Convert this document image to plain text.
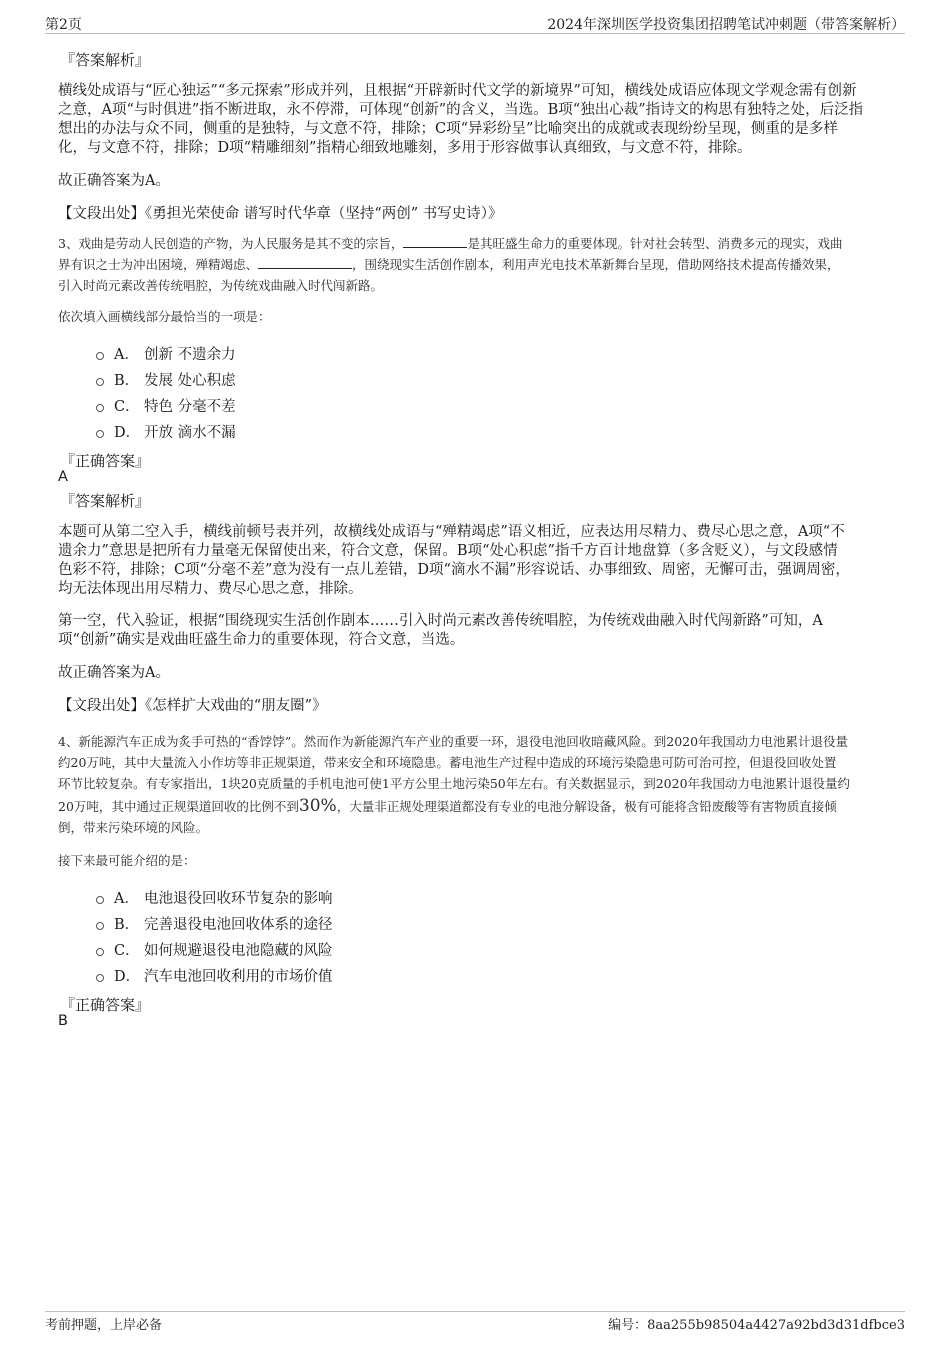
第2页	2024年深圳医学投资集团招聘笔试冲刺题（带答案解析）
『答案解析』
横线处成语与“匠心独运”“多元探索”形成并列，且根据“开辟新时代文学的新境界”可知，横线处成语应体现文学观念需有创新
之意，A项“与时俱进”指不断进取，永不停滞，可体现“创新”的含义，当选。B项“独出心裁”指诗文的构思有独特之处，后泛指
想出的办法与众不同，侧重的是独特，与文意不符，排除；C项“异彩纷呈”比喻突出的成就或表现纷纷呈现，侧重的是多样
化，与文意不符，排除；D项“精雕细刻”指精心细致地雕刻，多用于形容做事认真细致，与文意不符，排除。
故正确答案为A。
【文段出处】《勇担光荣使命 谱写时代华章（坚持“两创” 书写史诗）》
3、戏曲是劳动人民创造的产物，为人民服务是其不变的宗旨，	是其旺盛生命力的重要体现。针对社会转型、消费多元的现实，戏曲
界有识之士为冲出困境，殚精竭虑、	，围绕现实生活创作剧本，利用声光电技术革新舞台呈现，借助网络技术提高传播效果，
引入时尚元素改善传统唱腔，为传统戏曲融入时代闯新路。
依次填入画横线部分最恰当的一项是：
A． 创新 不遗余力
B． 发展 处心积虑
C． 特色 分毫不差
D． 开放 滴水不漏
『正确答案』
A
『答案解析』
本题可从第二空入手，横线前顿号表并列，故横线处成语与“殚精竭虑”语义相近，应表达用尽精力、费尽心思之意，A项“不
遗余力”意思是把所有力量毫无保留使出来，符合文意，保留。B项“处心积虑”指千方百计地盘算（多含贬义），与文段感情
色彩不符，排除；C项“分毫不差”意为没有一点儿差错，D项“滴水不漏”形容说话、办事细致、周密，无懈可击，强调周密，
均无法体现出用尽精力、费尽心思之意，排除。
第一空，代入验证，根据“围绕现实生活创作剧本……引入时尚元素改善传统唱腔，为传统戏曲融入时代闯新路”可知，A
项“创新”确实是戏曲旺盛生命力的重要体现，符合文意，当选。
故正确答案为A。
【文段出处】《怎样扩大戏曲的“朋友圈”》
4、新能源汽车正成为炙手可热的“香饽饽”。然而作为新能源汽车产业的重要一环，退役电池回收暗藏风险。到2020年我国动力电池累计退役量
约20万吨，其中大量流入小作坊等非正规渠道，带来安全和环境隐患。蓄电池生产过程中造成的环境污染隐患可防可治可控，但退役回收处置
环节比较复杂。有专家指出，1块20克质量的手机电池可使1平方公里土地污染50年左右。有关数据显示，到2020年我国动力电池累计退役量约
20万吨，其中通过正规渠道回收的比例不到30%，大量非正规处理渠道都没有专业的电池分解设备，极有可能将含铅废酸等有害物质直接倾
倒，带来污染环境的风险。
接下来最可能介绍的是：
A． 电池退役回收环节复杂的影响
B． 完善退役电池回收体系的途径
C． 如何规避退役电池隐藏的风险
D． 汽车电池回收利用的市场价值
『正确答案』
B
考前押题，上岸必备	编号：8aa255b98504a4427a92bd3d31dfbce3
